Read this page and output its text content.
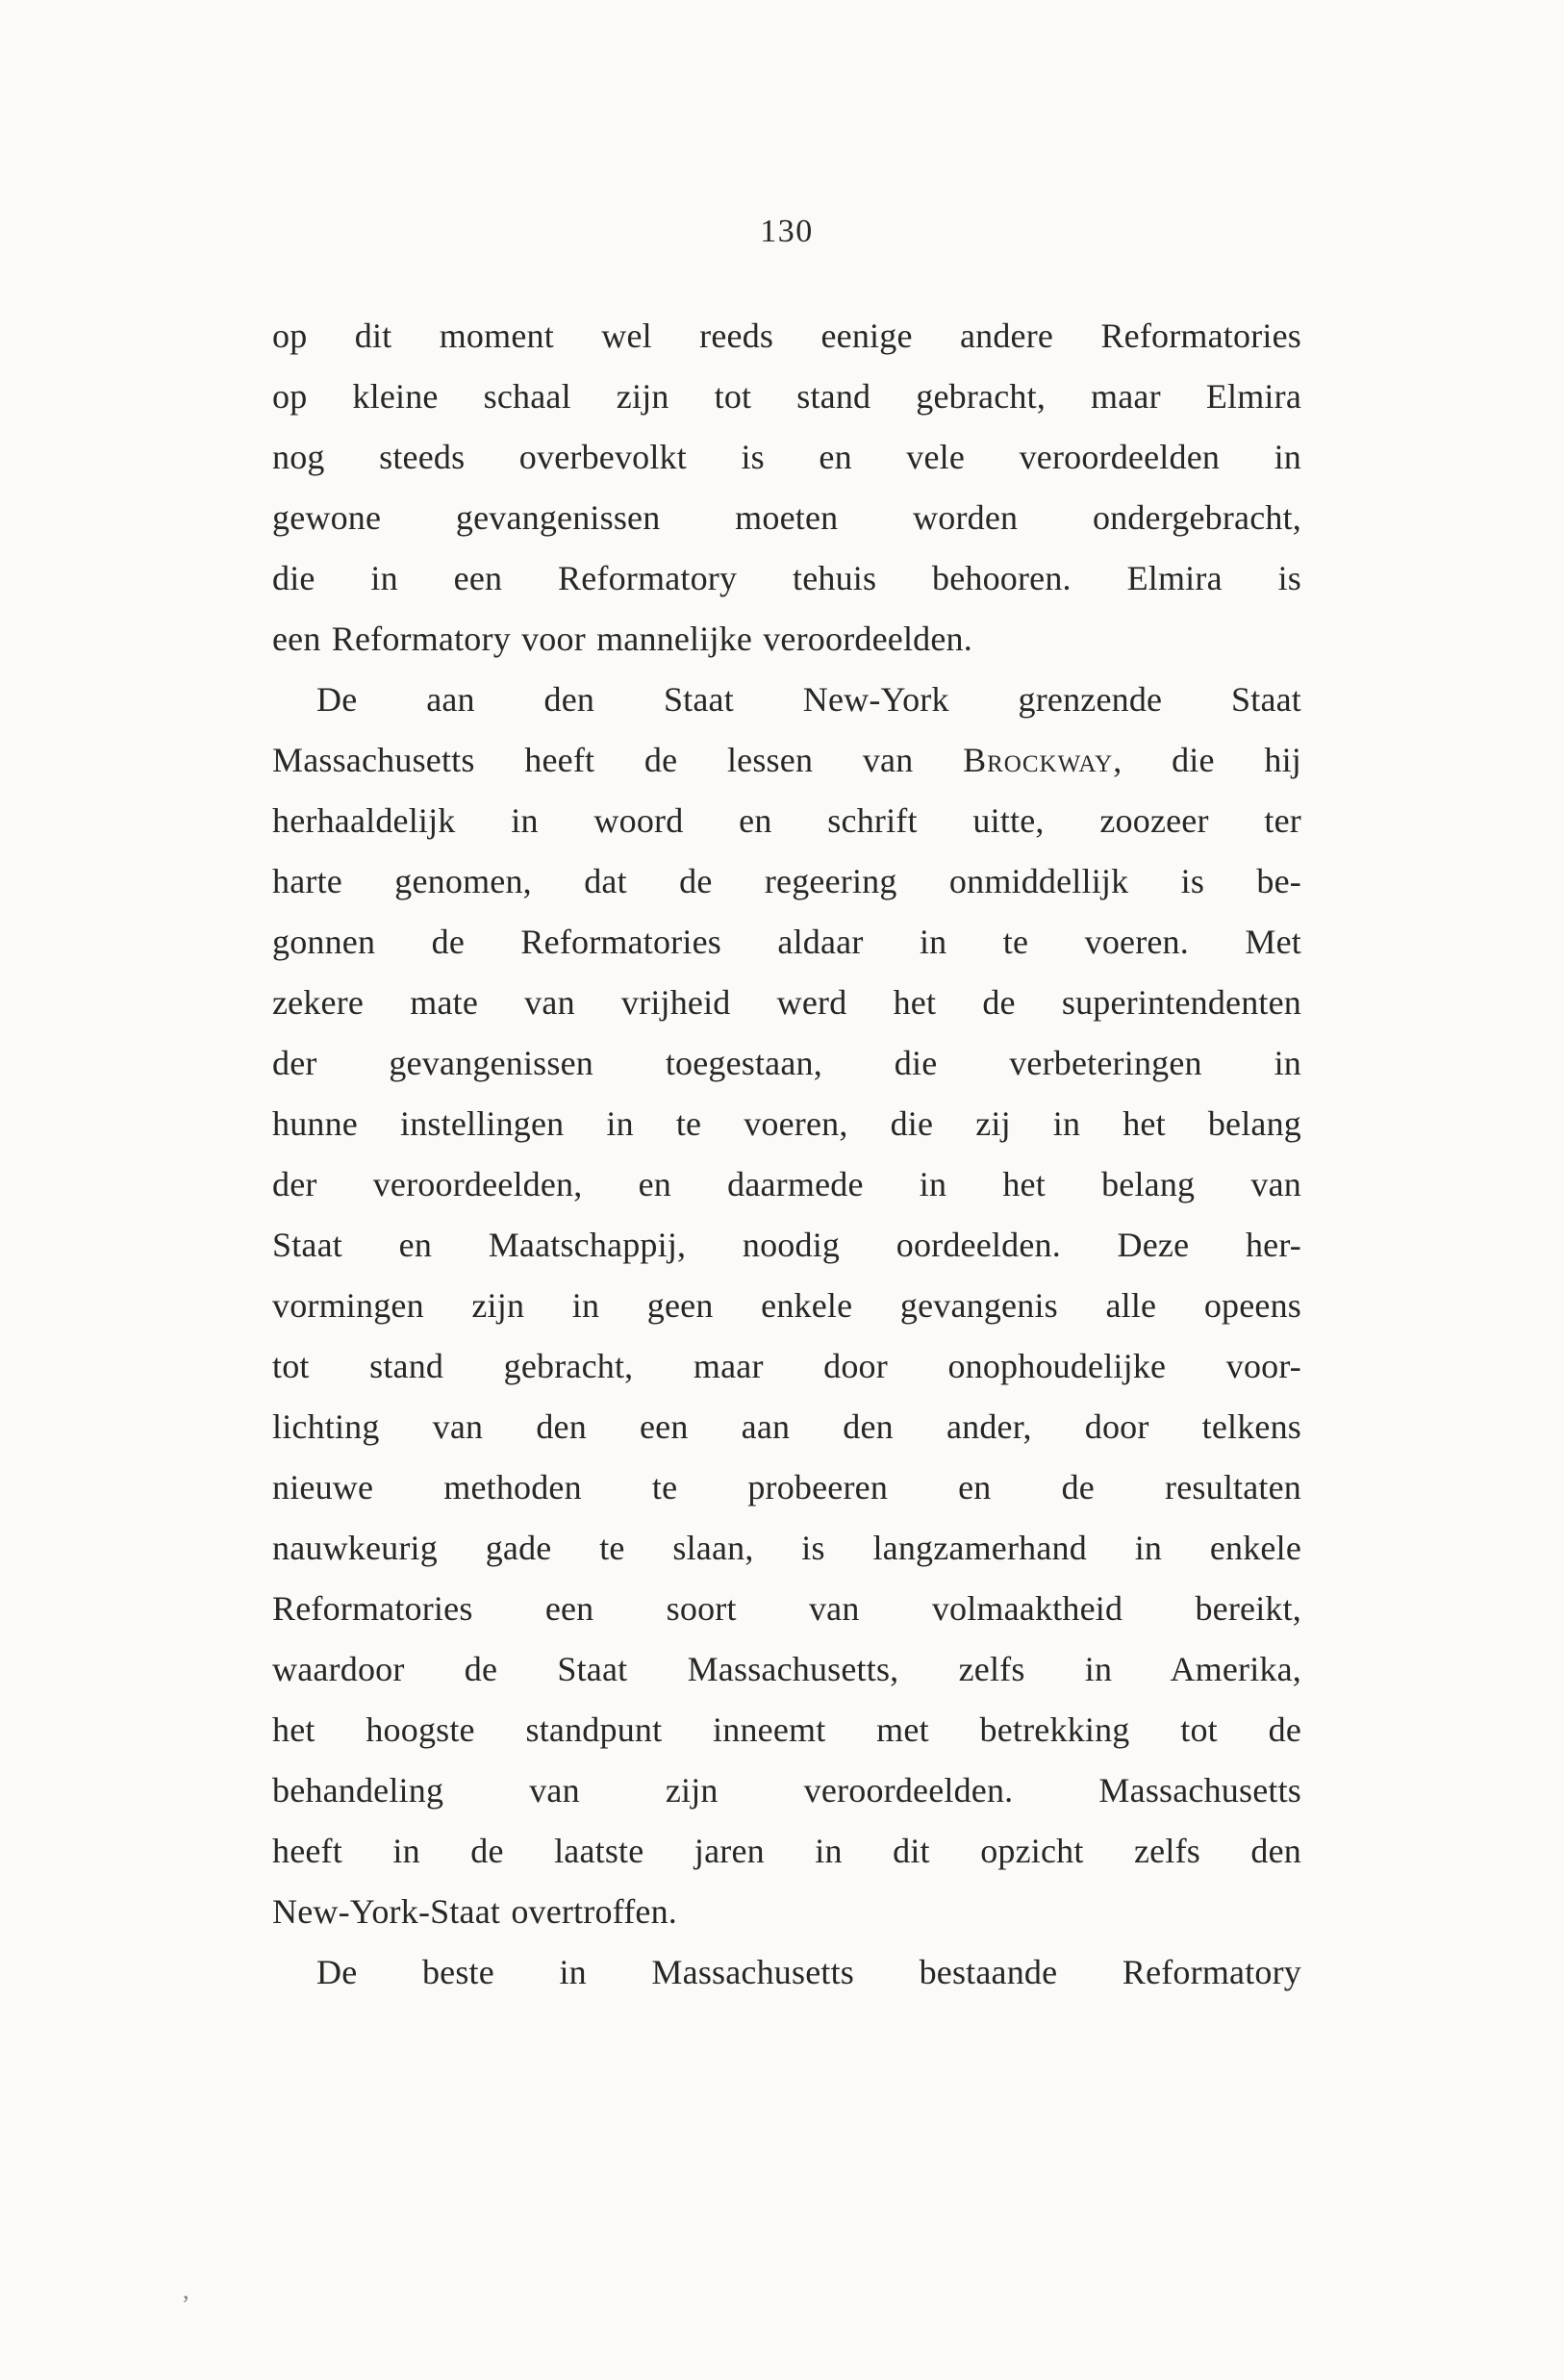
130
op dit moment wel reeds eenige andere Reformatories
op kleine schaal zijn tot stand gebracht, maar Elmira
nog steeds overbevolkt is en vele veroordeelden in
gewone gevangenissen moeten worden ondergebracht,
die in een Reformatory tehuis behooren. Elmira is
een Reformatory voor mannelijke veroordeelden.
De aan den Staat New-York grenzende Staat
Massachusetts heeft de lessen van Brockway, die hij
herhaaldelijk in woord en schrift uitte, zoozeer ter
harte genomen, dat de regeering onmiddellijk is be-
gonnen de Reformatories aldaar in te voeren. Met
zekere mate van vrijheid werd het de superintendenten
der gevangenissen toegestaan, die verbeteringen in
hunne instellingen in te voeren, die zij in het belang
der veroordeelden, en daarmede in het belang van
Staat en Maatschappij, noodig oordeelden. Deze her-
vormingen zijn in geen enkele gevangenis alle opeens
tot stand gebracht, maar door onophoudelijke voor-
lichting van den een aan den ander, door telkens
nieuwe methoden te probeeren en de resultaten
nauwkeurig gade te slaan, is langzamerhand in enkele
Reformatories een soort van volmaaktheid bereikt,
waardoor de Staat Massachusetts, zelfs in Amerika,
het hoogste standpunt inneemt met betrekking tot de
behandeling van zijn veroordeelden. Massachusetts
heeft in de laatste jaren in dit opzicht zelfs den
New-York-Staat overtroffen.
De beste in Massachusetts bestaande Reformatory
,
